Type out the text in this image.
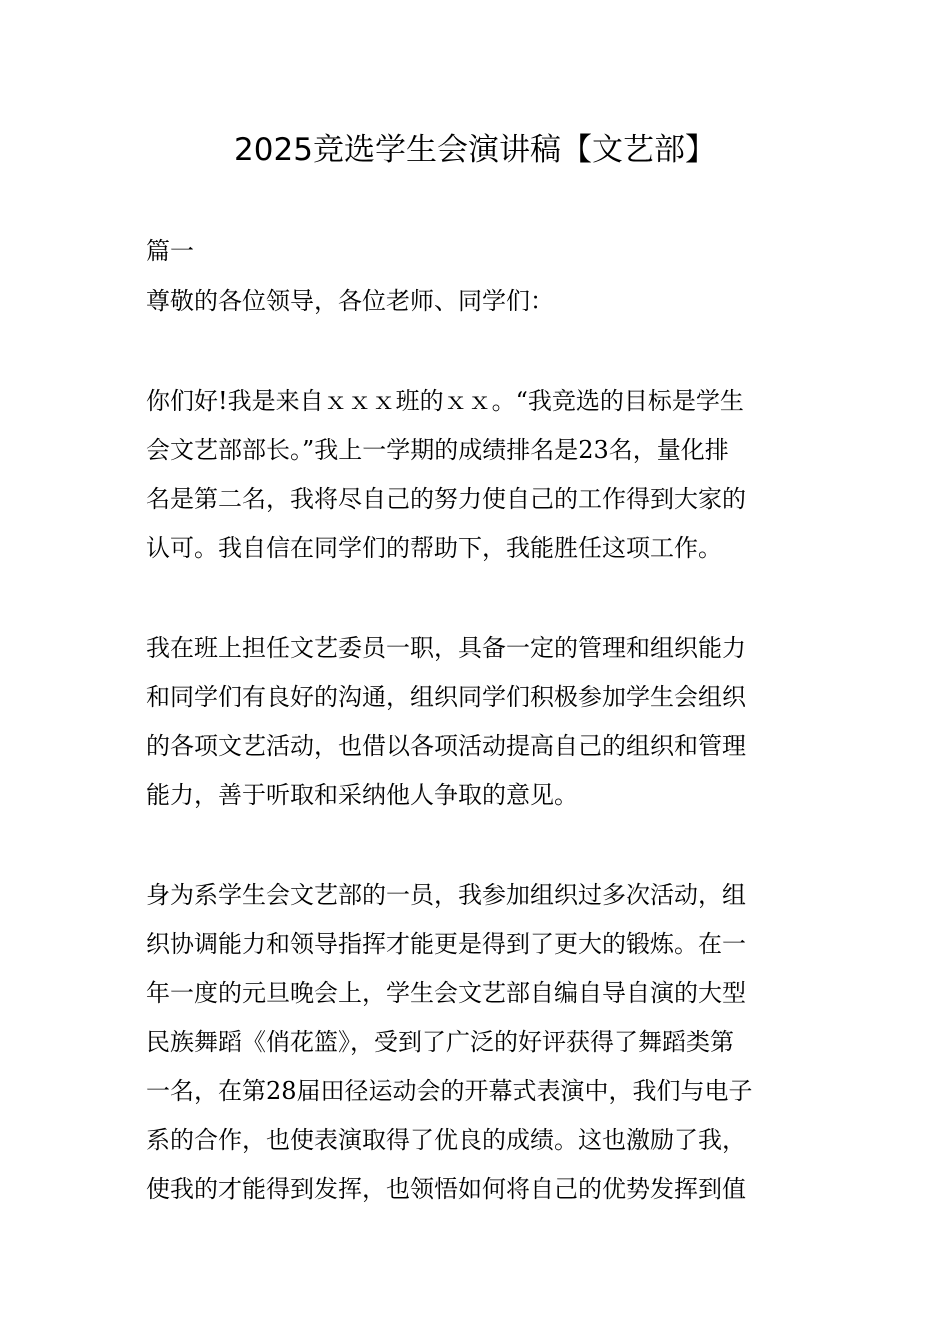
2025竞选学生会演讲稿【文艺部】
篇一
尊敬的各位领导，各位老师、同学们：
你们好!我是来自ｘｘｘ班的ｘｘ。“我竞选的目标是学生
会文艺部部长。”我上一学期的成绩排名是23名，量化排
名是第二名，我将尽自己的努力使自己的工作得到大家的
认可。我自信在同学们的帮助下，我能胜任这项工作。
我在班上担任文艺委员一职，具备一定的管理和组织能力
和同学们有良好的沟通，组织同学们积极参加学生会组织
的各项文艺活动，也借以各项活动提高自己的组织和管理
能力，善于听取和采纳他人争取的意见。
身为系学生会文艺部的一员，我参加组织过多次活动，组
织协调能力和领导指挥才能更是得到了更大的锻炼。在一
年一度的元旦晚会上，学生会文艺部自编自导自演的大型
民族舞蹈《俏花篮》，受到了广泛的好评获得了舞蹈类第
一名，在第28届田径运动会的开幕式表演中，我们与电子
系的合作，也使表演取得了优良的成绩。这也激励了我，
使我的才能得到发挥，也领悟如何将自己的优势发挥到值
